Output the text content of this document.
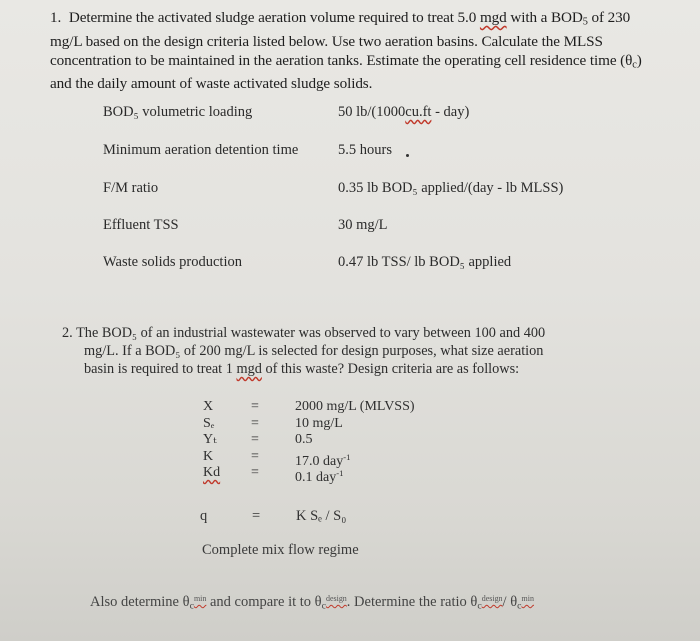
1. Determine the activated sludge aeration volume required to treat 5.0 mgd with a $BOD_5$ of 230 mg/L based on the design criteria listed below. Use two aeration basins. Calculate the MLSS concentration to be maintained in the aeration tanks. Estimate the operating cell residence time $(\theta_c)$ and the daily amount of waste activated sludge solids.
BOD₅ volumetric loading	50 lb/(1000cu.ft - day)
Minimum aeration detention time	5.5 hours
F/M ratio	0.35 lb BOD₅ applied/(day - lb MLSS)
Effluent TSS	30 mg/L
Waste solids production	0.47 lb TSS/ lb BOD₅ applied
2. The BOD₅ of an industrial wastewater was observed to vary between 100 and 400
mg/L. If a BOD₅ of 200 mg/L is selected for design purposes, what size aeration
basin is required to treat 1 mgd of this waste? Design criteria are as follows:
X	=	2000 mg/L (MLVSS)
Sₑ	=	10 mg/L
Yₜ	=	0.5
K	=	17.0 day$^{-1}$
Kd	=	0.1 day$^{-1}$
q	= K Sₑ / S₀
Complete mix flow regime
Also determine $\theta_c^{min}$ and compare it to $\theta_c^{design}$. Determine the ratio $\theta_c^{design}/$ $\theta_c^{min}$
